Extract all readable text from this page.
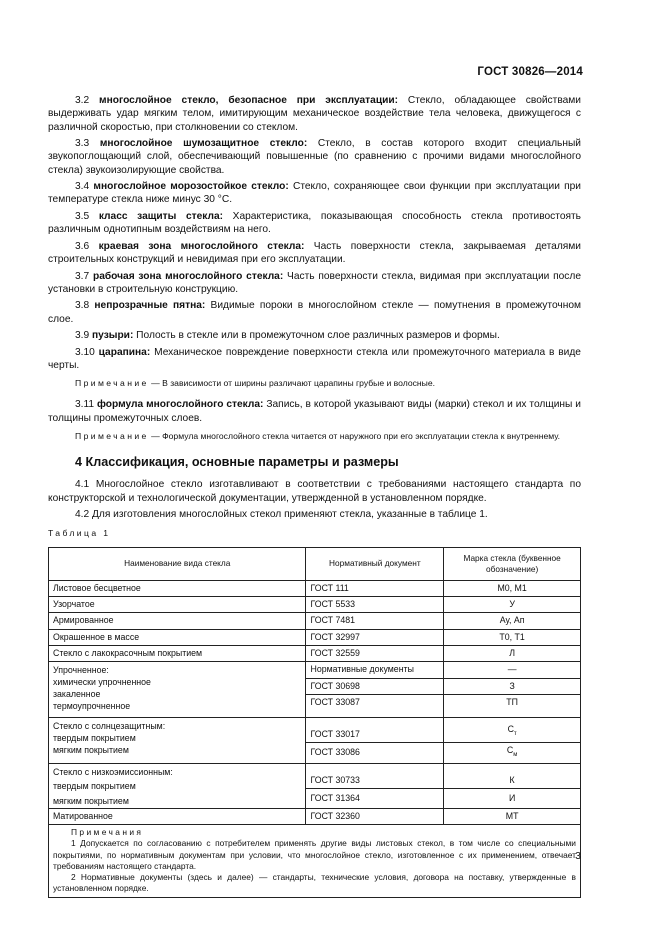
ГОСТ 30826—2014

3.2 многослойное стекло, безопасное при эксплуатации: Стекло, обладающее свойствами выдерживать удар мягким телом, имитирующим механическое воздействие тела человека, движущегося с различной скоростью, при столкновении со стеклом.

3.3 многослойное шумозащитное стекло: Стекло, в состав которого входит специальный звукопоглощающий слой, обеспечивающий повышенные (по сравнению с прочими видами многослойного стекла) звукоизолирующие свойства.

3.4 многослойное морозостойкое стекло: Стекло, сохраняющее свои функции при эксплуатации при температуре стекла ниже минус 30 °С.

3.5 класс защиты стекла: Характеристика, показывающая способность стекла противостоять различным однотипным воздействиям на него.

3.6 краевая зона многослойного стекла: Часть поверхности стекла, закрываемая деталями строительных конструкций и невидимая при его эксплуатации.

3.7 рабочая зона многослойного стекла: Часть поверхности стекла, видимая при эксплуатации после установки в строительную конструкцию.

3.8 непрозрачные пятна: Видимые пороки в многослойном стекле — помутнения в промежуточном слое.

3.9 пузыри: Полость в стекле или в промежуточном слое различных размеров и формы.

3.10 царапина: Механическое повреждение поверхности стекла или промежуточного материала в виде черты.

Примечание — В зависимости от ширины различают царапины грубые и волосные.

3.11 формула многослойного стекла: Запись, в которой указывают виды (марки) стекол и их толщины и толщины промежуточных слоев.

Примечание — Формула многослойного стекла читается от наружного при его эксплуатации стекла к внутреннему.

4 Классификация, основные параметры и размеры

4.1 Многослойное стекло изготавливают в соответствии с требованиями настоящего стандарта по конструкторской и технологической документации, утвержденной в установленном порядке.

4.2 Для изготовления многослойных стекол применяют стекла, указанные в таблице 1.

Таблица 1
Наименование вида стекла	Нормативный документ	Марка стекла (буквенное обозначение)
Листовое бесцветное	ГОСТ 111	М0, М1
Узорчатое	ГОСТ 5533	У
Армированное	ГОСТ 7481	Ау, Ап
Окрашенное в массе	ГОСТ 32997	Т0, Т1
Стекло с лакокрасочным покрытием	ГОСТ 32559	Л

Упрочненное:
химически упрочненное
закаленное
термоупрочненное	Нормативные документы	—
	ГОСТ 30698	З
	ГОСТ 33087	ТП

Стекло с солнцезащитным:
твердым покрытием
мягким покрытием	ГОСТ 33017	$С_т$
	ГОСТ 33086	$С_м$

Стекло с низкоэмиссионным:
твердым покрытием
мягким покрытием	ГОСТ 30733	К
	ГОСТ 31364	И
Матированное	ГОСТ 32360	МТ

Примечания

1 Допускается по согласованию с потребителем применять другие виды листовых стекол, в том числе со специальными покрытиями, по нормативным документам при условии, что многослойное стекло, изготовленное с их применением, отвечает требованиям настоящего стандарта.

2 Нормативные документы (здесь и далее) — стандарты, технические условия, договора на поставку, утвержденные в установленном порядке.		

3
